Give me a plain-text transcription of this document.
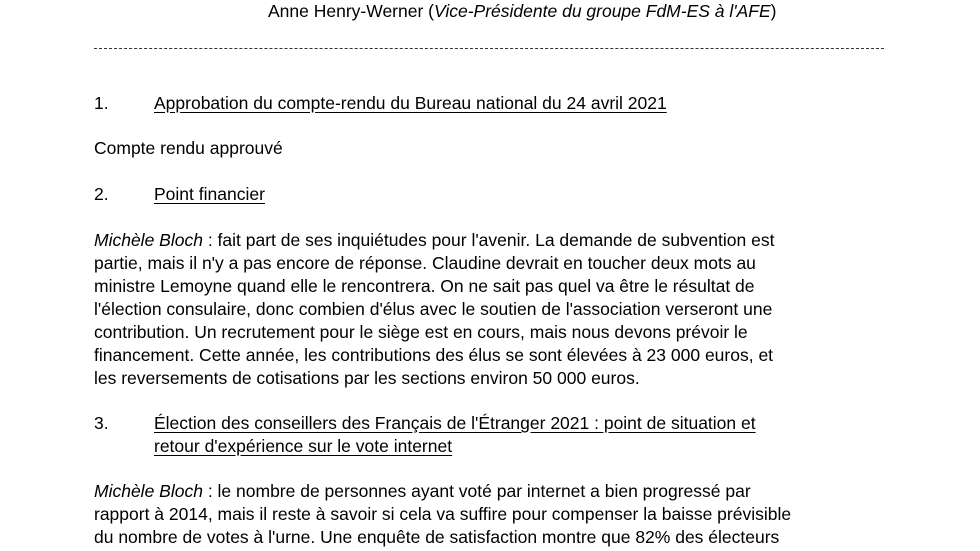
Anne Henry-Werner (Vice-Présidente du groupe FdM-ES à l'AFE)
1.	Approbation du compte-rendu du Bureau national du 24 avril 2021
Compte rendu approuvé
2.	Point financier
Michèle Bloch : fait part de ses inquiétudes pour l'avenir. La demande de subvention est
partie, mais il n'y a pas encore de réponse. Claudine devrait en toucher deux mots au
ministre Lemoyne quand elle le rencontrera. On ne sait pas quel va être le résultat de
l'élection consulaire, donc combien d'élus avec le soutien de l'association verseront une
contribution. Un recrutement pour le siège est en cours, mais nous devons prévoir le
financement. Cette année, les contributions des élus se sont élevées à 23 000 euros, et
les reversements de cotisations par les sections environ 50 000 euros.
3.	Élection des conseillers des Français de l'Étranger 2021 : point de situation et
retour d'expérience sur le vote internet
Michèle Bloch : le nombre de personnes ayant voté par internet a bien progressé par
rapport à 2014, mais il reste à savoir si cela va suffire pour compenser la baisse prévisible
du nombre de votes à l'urne. Une enquête de satisfaction montre que 82% des électeurs
